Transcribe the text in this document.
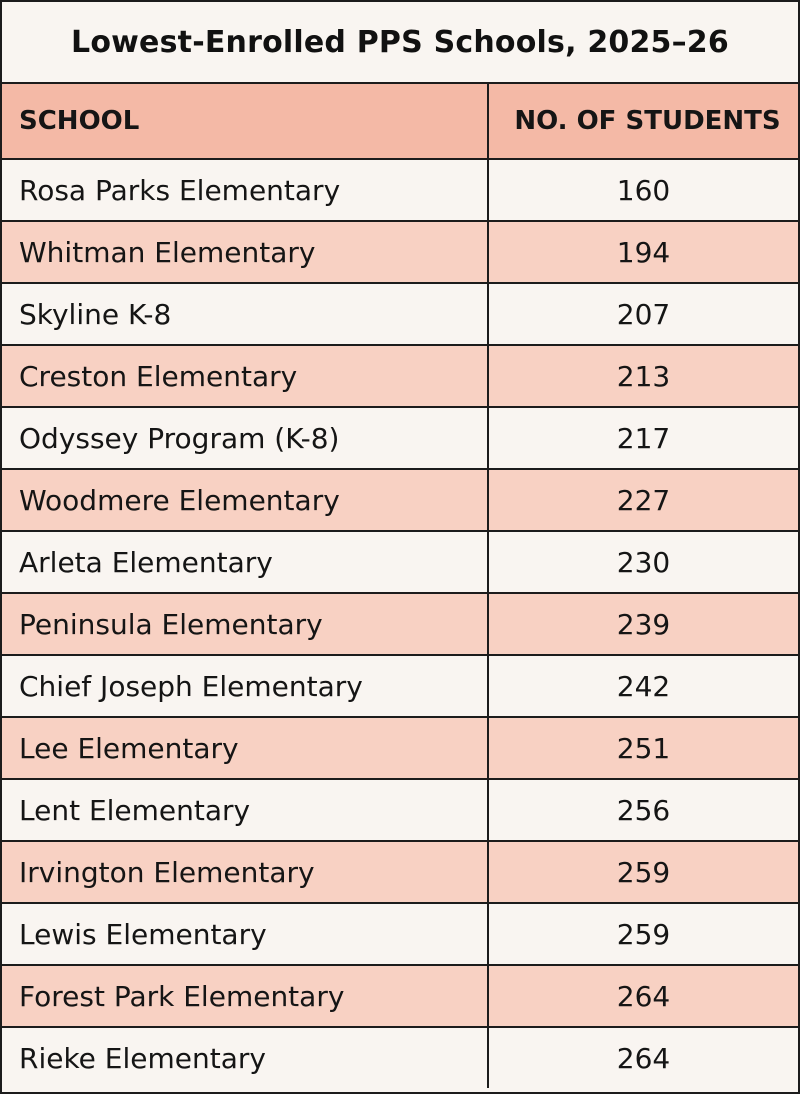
Lowest-Enrolled PPS Schools, 2025–26
SCHOOL	NO. OF STUDENTS
Rosa Parks Elementary	160
Whitman Elementary	194
Skyline K-8	207
Creston Elementary	213
Odyssey Program (K-8)	217
Woodmere Elementary	227
Arleta Elementary	230
Peninsula Elementary	239
Chief Joseph Elementary	242
Lee Elementary	251
Lent Elementary	256
Irvington Elementary	259
Lewis Elementary	259
Forest Park Elementary	264
Rieke Elementary	264
